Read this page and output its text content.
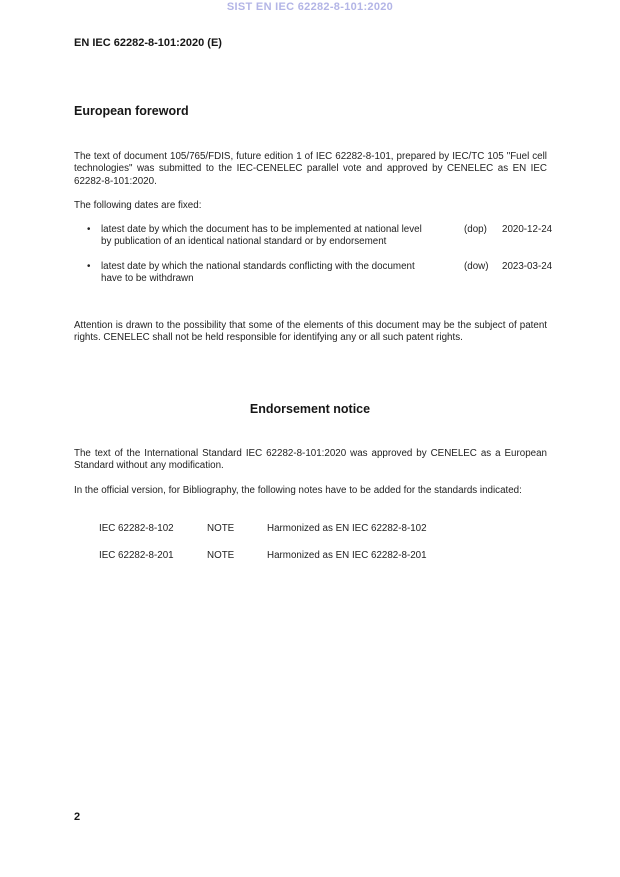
SIST EN IEC 62282-8-101:2020
EN IEC 62282-8-101:2020 (E)
European foreword
The text of document 105/765/FDIS, future edition 1 of IEC 62282-8-101, prepared by IEC/TC 105 "Fuel cell technologies" was submitted to the IEC-CENELEC parallel vote and approved by CENELEC as EN IEC 62282-8-101:2020.
The following dates are fixed:
•	latest date by which the document has to be implemented at national level by publication of an identical national standard or by endorsement
(dop)	2020-12-24
•	latest date by which the national standards conflicting with the document have to be withdrawn
(dow)	2023-03-24
Attention is drawn to the possibility that some of the elements of this document may be the subject of patent rights. CENELEC shall not be held responsible for identifying any or all such patent rights.
Endorsement notice
The text of the International Standard IEC 62282-8-101:2020 was approved by CENELEC as a European Standard without any modification.
In the official version, for Bibliography, the following notes have to be added for the standards indicated:
IEC 62282-8-102	NOTE	Harmonized as EN IEC 62282-8-102
IEC 62282-8-201	NOTE	Harmonized as EN IEC 62282-8-201
2
